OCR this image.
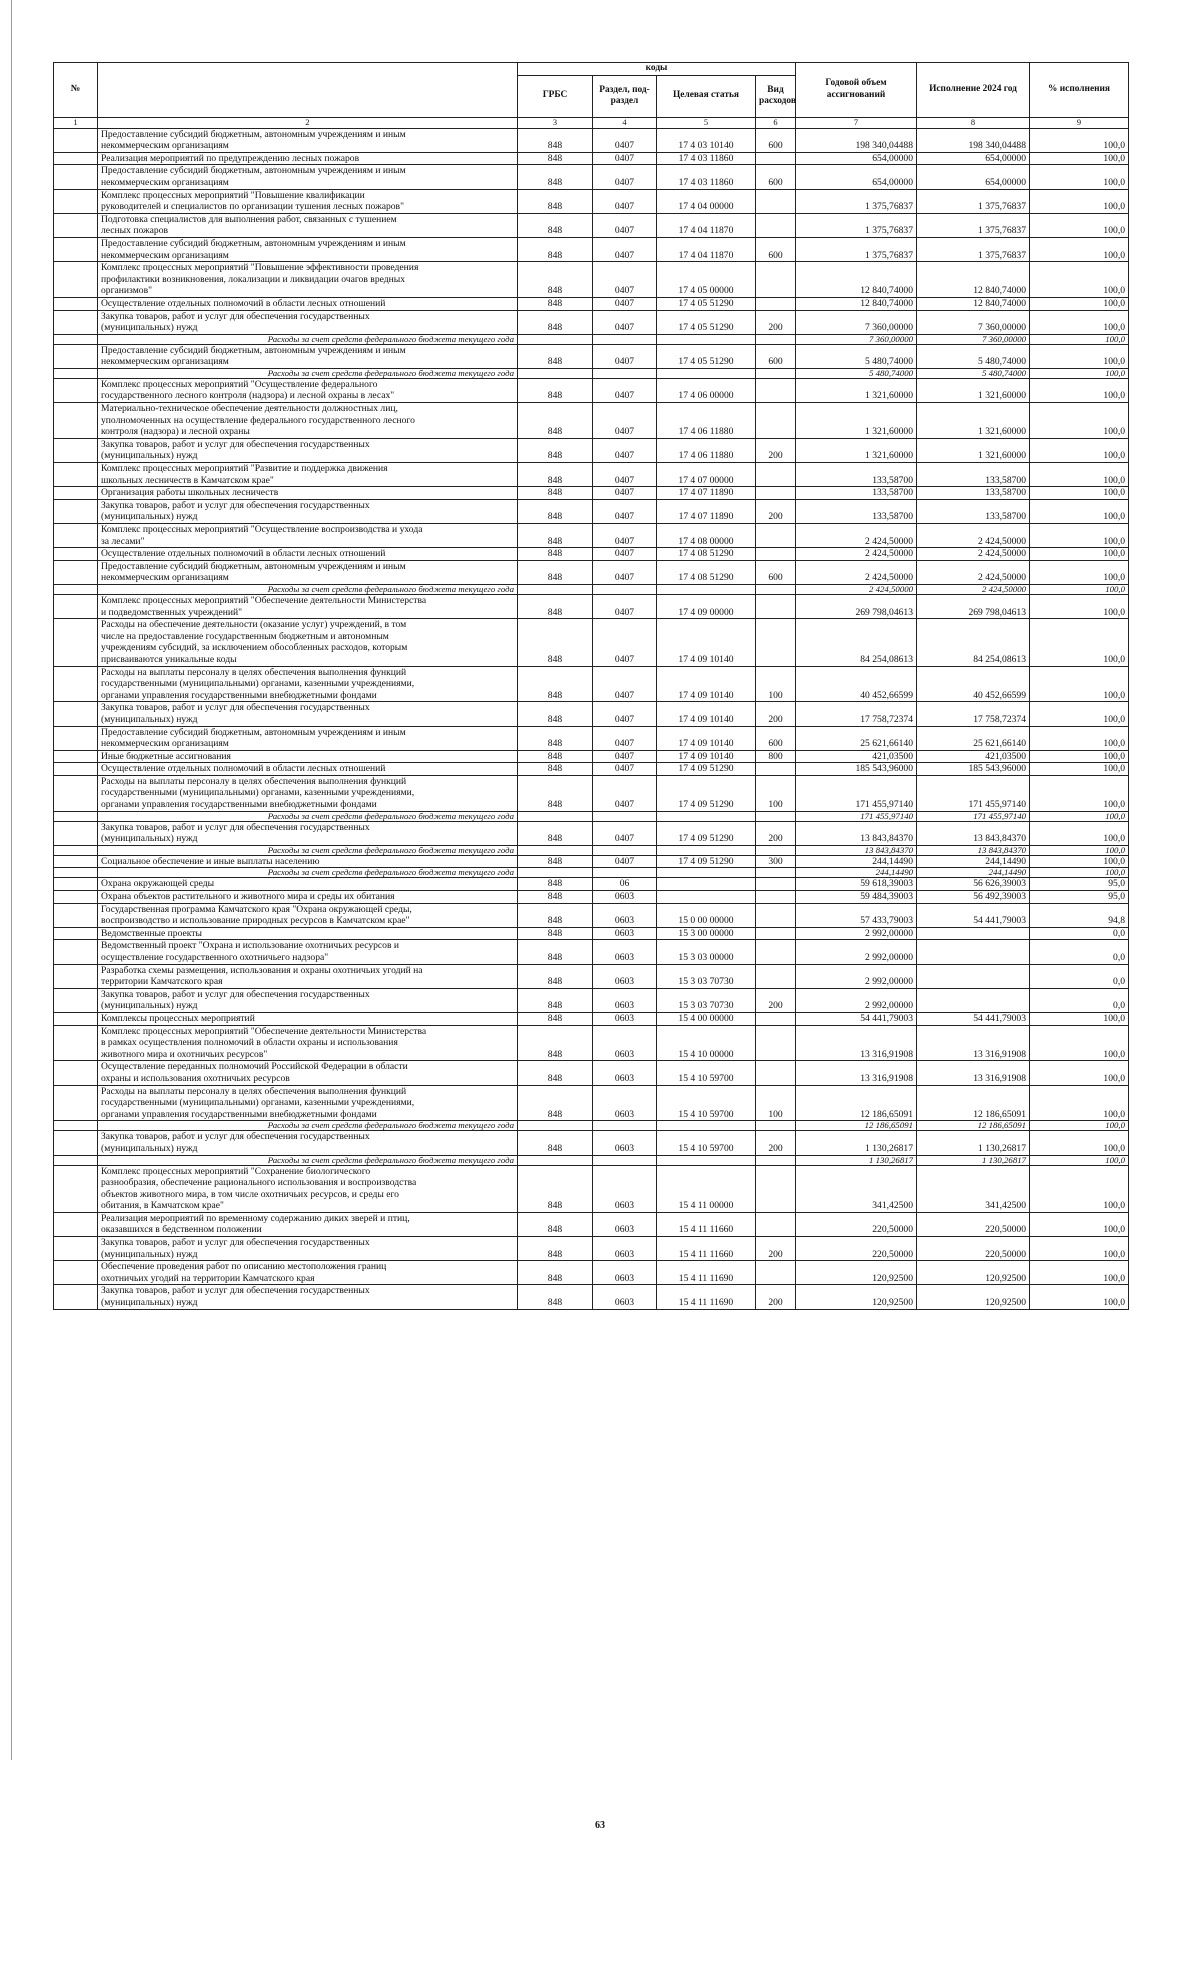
№		коды				Годовой объем ассигнований	Исполнение 2024 год	% исполнения
		ГРБС	Раздел, под-раздел	Целевая статья	Вид расходов			
1	2	3	4	5	6	7	8	9
	Предоставление субсидий бюджетным, автономным учреждениям и иным
некоммерческим организациям	848	0407	17 4 03 10140	600	198 340,04488	198 340,04488	100,0
	Реализация мероприятий по предупреждению лесных пожаров	848	0407	17 4 03 11860		654,00000	654,00000	100,0
	Предоставление субсидий бюджетным, автономным учреждениям и иным
некоммерческим организациям	848	0407	17 4 03 11860	600	654,00000	654,00000	100,0
	Комплекс процессных мероприятий "Повышение квалификации
руководителей и специалистов по организации тушения лесных пожаров"	848	0407	17 4 04 00000		1 375,76837	1 375,76837	100,0
	Подготовка специалистов для выполнения работ, связанных с тушением
лесных пожаров	848	0407	17 4 04 11870		1 375,76837	1 375,76837	100,0
	Предоставление субсидий бюджетным, автономным учреждениям и иным
некоммерческим организациям	848	0407	17 4 04 11870	600	1 375,76837	1 375,76837	100,0
	Комплекс процессных мероприятий "Повышение эффективности проведения
профилактики возникновения, локализации и ликвидации очагов вредных
организмов"	848	0407	17 4 05 00000		12 840,74000	12 840,74000	100,0
	Осуществление отдельных полномочий в области лесных отношений	848	0407	17 4 05 51290		12 840,74000	12 840,74000	100,0
	Закупка товаров, работ и услуг для обеспечения государственных
(муниципальных) нужд	848	0407	17 4 05 51290	200	7 360,00000	7 360,00000	100,0
	Расходы за счет средств федерального бюджета текущего года					7 360,00000	7 360,00000	100,0
	Предоставление субсидий бюджетным, автономным учреждениям и иным
некоммерческим организациям	848	0407	17 4 05 51290	600	5 480,74000	5 480,74000	100,0
	Расходы за счет средств федерального бюджета текущего года					5 480,74000	5 480,74000	100,0
	Комплекс процессных мероприятий "Осуществление федерального
государственного лесного контроля (надзора) и лесной охраны в лесах"	848	0407	17 4 06 00000		1 321,60000	1 321,60000	100,0
	Материально-техническое обеспечение деятельности должностных лиц,
уполномоченных на осуществление федерального государственного лесного
контроля (надзора) и лесной охраны	848	0407	17 4 06 11880		1 321,60000	1 321,60000	100,0
	Закупка товаров, работ и услуг для обеспечения государственных
(муниципальных) нужд	848	0407	17 4 06 11880	200	1 321,60000	1 321,60000	100,0
	Комплекс процессных мероприятий "Развитие и поддержка движения
школьных лесничеств в Камчатском крае"	848	0407	17 4 07 00000		133,58700	133,58700	100,0
	Организация работы школьных лесничеств	848	0407	17 4 07 11890		133,58700	133,58700	100,0
	Закупка товаров, работ и услуг для обеспечения государственных
(муниципальных) нужд	848	0407	17 4 07 11890	200	133,58700	133,58700	100,0
	Комплекс процессных мероприятий "Осуществление воспроизводства и ухода
за лесами"	848	0407	17 4 08 00000		2 424,50000	2 424,50000	100,0
	Осуществление отдельных полномочий в области лесных отношений	848	0407	17 4 08 51290		2 424,50000	2 424,50000	100,0
	Предоставление субсидий бюджетным, автономным учреждениям и иным
некоммерческим организациям	848	0407	17 4 08 51290	600	2 424,50000	2 424,50000	100,0
	Расходы за счет средств федерального бюджета текущего года					2 424,50000	2 424,50000	100,0
	Комплекс процессных мероприятий "Обеспечение деятельности Министерства
и подведомственных учреждений"	848	0407	17 4 09 00000		269 798,04613	269 798,04613	100,0
	Расходы на обеспечение деятельности (оказание услуг) учреждений, в том
числе на предоставление государственным бюджетным и автономным
учреждениям субсидий, за исключением обособленных расходов, которым
присваиваются уникальные коды	848	0407	17 4 09 10140		84 254,08613	84 254,08613	100,0
	Расходы на выплаты персоналу в целях обеспечения выполнения функций
государственными (муниципальными) органами, казенными учреждениями,
органами управления государственными внебюджетными фондами	848	0407	17 4 09 10140	100	40 452,66599	40 452,66599	100,0
	Закупка товаров, работ и услуг для обеспечения государственных
(муниципальных) нужд	848	0407	17 4 09 10140	200	17 758,72374	17 758,72374	100,0
	Предоставление субсидий бюджетным, автономным учреждениям и иным
некоммерческим организациям	848	0407	17 4 09 10140	600	25 621,66140	25 621,66140	100,0
	Иные бюджетные ассигнования	848	0407	17 4 09 10140	800	421,03500	421,03500	100,0
	Осуществление отдельных полномочий в области лесных отношений	848	0407	17 4 09 51290		185 543,96000	185 543,96000	100,0
	Расходы на выплаты персоналу в целях обеспечения выполнения функций
государственными (муниципальными) органами, казенными учреждениями,
органами управления государственными внебюджетными фондами	848	0407	17 4 09 51290	100	171 455,97140	171 455,97140	100,0
	Расходы за счет средств федерального бюджета текущего года					171 455,97140	171 455,97140	100,0
	Закупка товаров, работ и услуг для обеспечения государственных
(муниципальных) нужд	848	0407	17 4 09 51290	200	13 843,84370	13 843,84370	100,0
	Расходы за счет средств федерального бюджета текущего года					13 843,84370	13 843,84370	100,0
	Социальное обеспечение и иные выплаты населению	848	0407	17 4 09 51290	300	244,14490	244,14490	100,0
	Расходы за счет средств федерального бюджета текущего года					244,14490	244,14490	100,0
	Охрана окружающей среды	848	06			59 618,39003	56 626,39003	95,0
	Охрана объектов растительного и животного мира и среды их обитания	848	0603			59 484,39003	56 492,39003	95,0
	Государственная программа Камчатского края "Охрана окружающей среды,
воспроизводство и использование природных ресурсов в Камчатском крае"	848	0603	15 0 00 00000		57 433,79003	54 441,79003	94,8
	Ведомственные проекты	848	0603	15 3 00 00000		2 992,00000		0,0
	Ведомственный проект "Охрана и использование охотничьих ресурсов и
осуществление государственного охотничьего надзора"	848	0603	15 3 03 00000		2 992,00000		0,0
	Разработка схемы размещения, использования и охраны охотничьих угодий на
территории Камчатского края	848	0603	15 3 03 70730		2 992,00000		0,0
	Закупка товаров, работ и услуг для обеспечения государственных
(муниципальных) нужд	848	0603	15 3 03 70730	200	2 992,00000		0,0
	Комплексы процессных мероприятий	848	0603	15 4 00 00000		54 441,79003	54 441,79003	100,0
	Комплекс процессных мероприятий "Обеспечение деятельности Министерства
в рамках осуществления полномочий в области охраны и использования
животного мира и охотничьих ресурсов"	848	0603	15 4 10 00000		13 316,91908	13 316,91908	100,0
	Осуществление переданных полномочий Российской Федерации в области
охраны и использования охотничьих ресурсов	848	0603	15 4 10 59700		13 316,91908	13 316,91908	100,0
	Расходы на выплаты персоналу в целях обеспечения выполнения функций
государственными (муниципальными) органами, казенными учреждениями,
органами управления государственными внебюджетными фондами	848	0603	15 4 10 59700	100	12 186,65091	12 186,65091	100,0
	Расходы за счет средств федерального бюджета текущего года					12 186,65091	12 186,65091	100,0
	Закупка товаров, работ и услуг для обеспечения государственных
(муниципальных) нужд	848	0603	15 4 10 59700	200	1 130,26817	1 130,26817	100,0
	Расходы за счет средств федерального бюджета текущего года					1 130,26817	1 130,26817	100,0
	Комплекс процессных мероприятий "Сохранение биологического
разнообразия, обеспечение рационального использования и воспроизводства
объектов животного мира, в том числе охотничьих ресурсов, и среды его
обитания, в Камчатском крае"	848	0603	15 4 11 00000		341,42500	341,42500	100,0
	Реализация мероприятий по временному содержанию диких зверей и птиц,
оказавшихся в бедственном положении	848	0603	15 4 11 11660		220,50000	220,50000	100,0
	Закупка товаров, работ и услуг для обеспечения государственных
(муниципальных) нужд	848	0603	15 4 11 11660	200	220,50000	220,50000	100,0
	Обеспечение проведения работ по описанию местоположения границ
охотничьих угодий на территории Камчатского края	848	0603	15 4 11 11690		120,92500	120,92500	100,0
	Закупка товаров, работ и услуг для обеспечения государственных
(муниципальных) нужд	848	0603	15 4 11 11690	200	120,92500	120,92500	100,0
63
